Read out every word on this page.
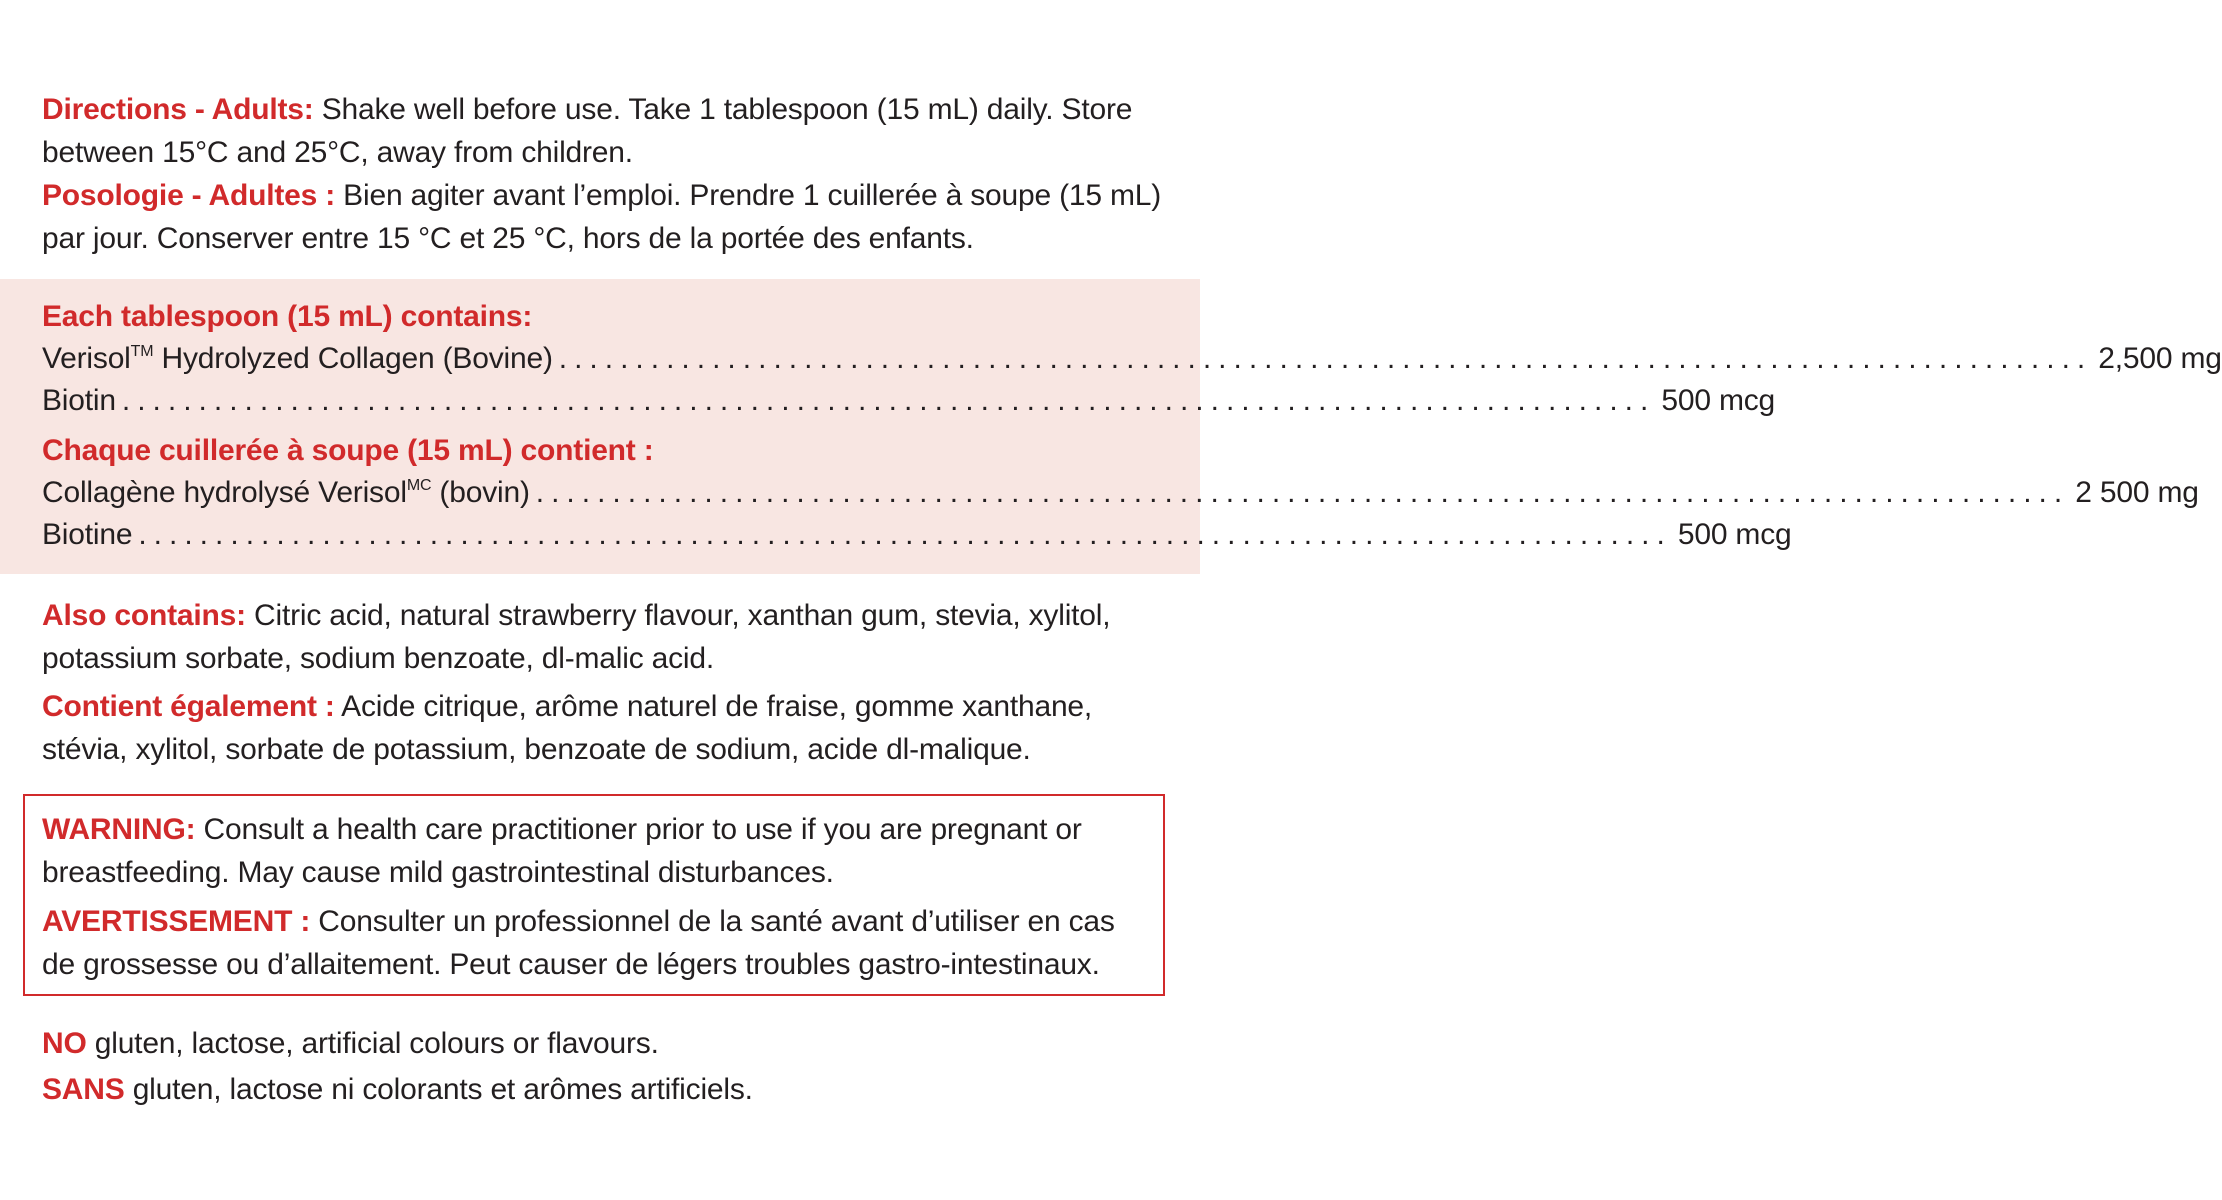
Directions - Adults: Shake well before use. Take 1 tablespoon (15 mL) daily. Store between 15°C and 25°C, away from children.

Posologie - Adultes : Bien agiter avant l’emploi. Prendre 1 cuillerée à soupe (15 mL) par jour. Conserver entre 15 °C et 25 °C, hors de la portée des enfants.

Each tablespoon (15 mL) contains:

Verisol™ Hydrolyzed Collagen (Bovine) .................................................................................................... 2,500 mg
Biotin .................................................................................................... 500 mcg

Chaque cuillerée à soupe (15 mL) contient :

Collagène hydrolysé Verisol$^{MC}$ (bovin) .................................................................................................... 2 500 mg
Biotine .................................................................................................... 500 mcg

Also contains: Citric acid, natural strawberry flavour, xanthan gum, stevia, xylitol, potassium sorbate, sodium benzoate, dl-malic acid.

Contient également : Acide citrique, arôme naturel de fraise, gomme xanthane, stévia, xylitol, sorbate de potassium, benzoate de sodium, acide dl-malique.

WARNING: Consult a health care practitioner prior to use if you are pregnant or breastfeeding. May cause mild gastrointestinal disturbances.

AVERTISSEMENT : Consulter un professionnel de la santé avant d’utiliser en cas de grossesse ou d’allaitement. Peut causer de légers troubles gastro-intestinaux.

NO gluten, lactose, artificial colours or flavours.

SANS gluten, lactose ni colorants et arômes artificiels.
